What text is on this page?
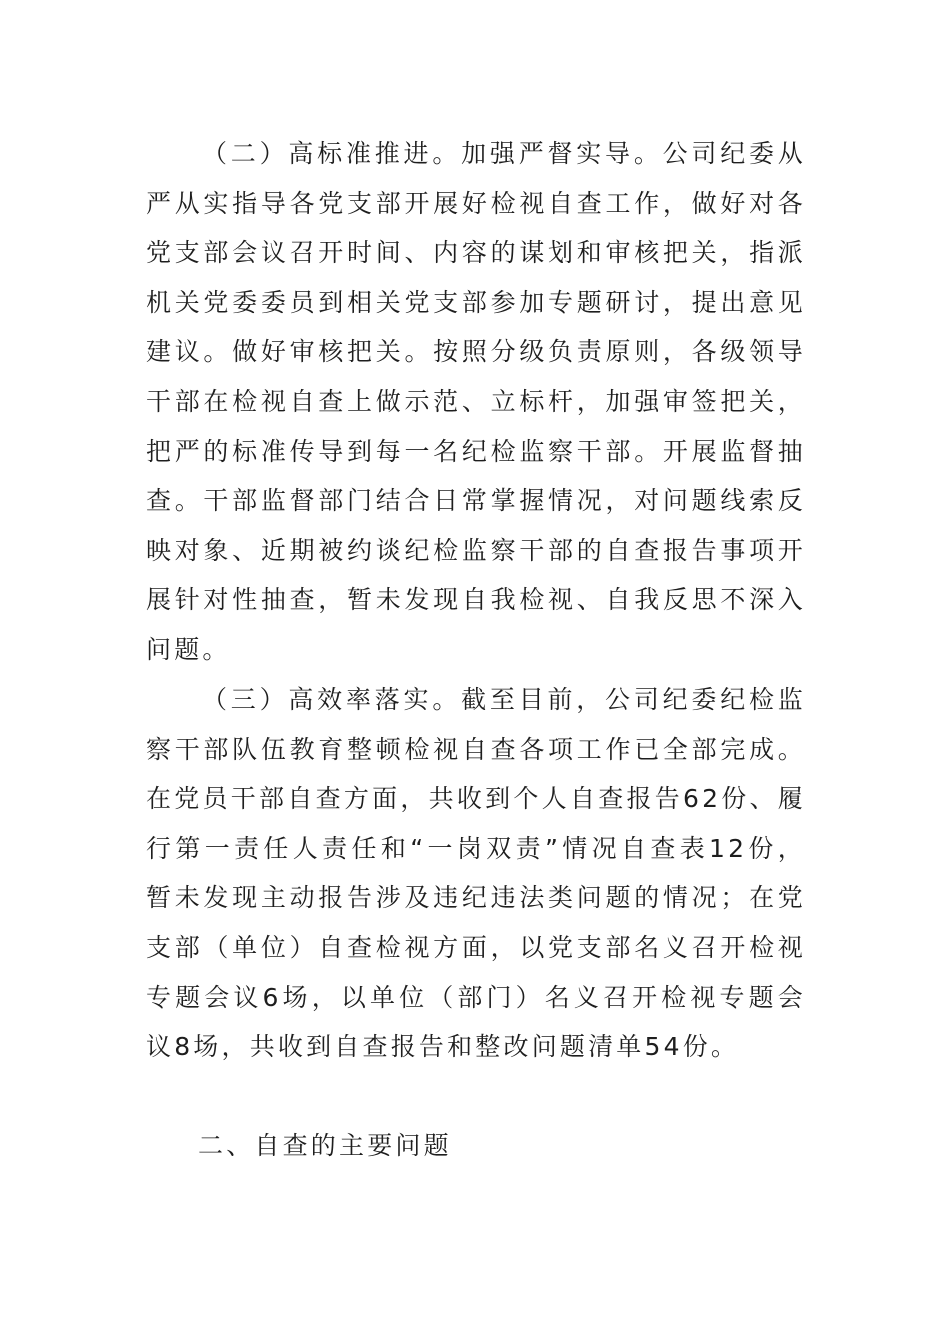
（二）高标准推进。加强严督实导。公司纪委从严从实指导各党支部开展好检视自查工作，做好对各党支部会议召开时间、内容的谋划和审核把关，指派机关党委委员到相关党支部参加专题研讨，提出意见建议。做好审核把关。按照分级负责原则，各级领导干部在检视自查上做示范、立标杆，加强审签把关，把严的标准传导到每一名纪检监察干部。开展监督抽查。干部监督部门结合日常掌握情况，对问题线索反映对象、近期被约谈纪检监察干部的自查报告事项开展针对性抽查，暂未发现自我检视、自我反思不深入问题。

（三）高效率落实。截至目前，公司纪委纪检监察干部队伍教育整顿检视自查各项工作已全部完成。在党员干部自查方面，共收到个人自查报告62份、履行第一责任人责任和“一岗双责”情况自查表12份，暂未发现主动报告涉及违纪违法类问题的情况；在党支部（单位）自查检视方面，以党支部名义召开检视专题会议6场，以单位（部门）名义召开检视专题会议8场，共收到自查报告和整改问题清单54份。

二、自查的主要问题
